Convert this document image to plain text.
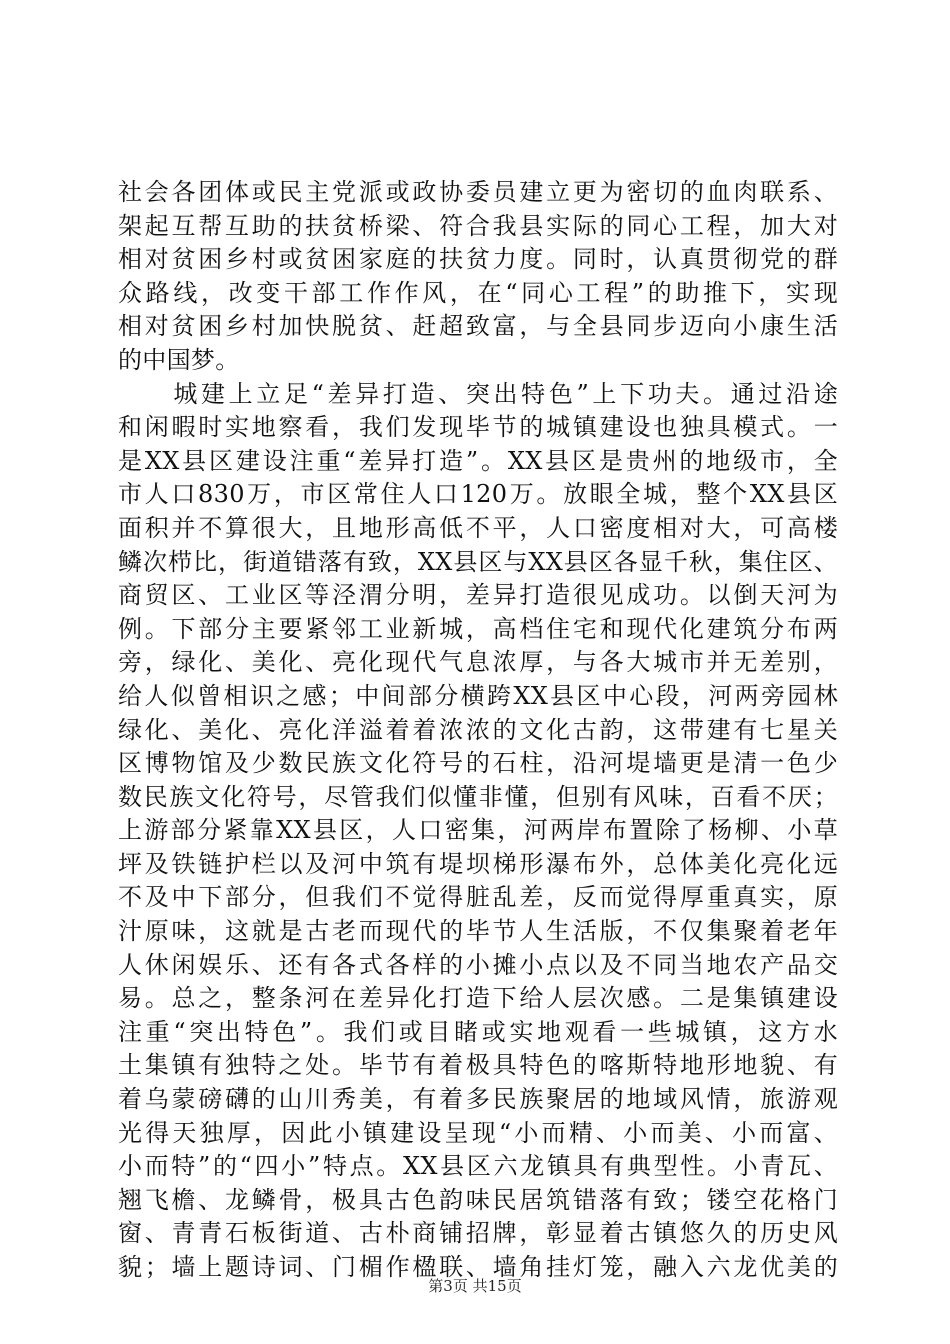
社会各团体或民主党派或政协委员建立更为密切的血肉联系、
架起互帮互助的扶贫桥梁、符合我县实际的同心工程，加大对
相对贫困乡村或贫困家庭的扶贫力度。同时，认真贯彻党的群
众路线，改变干部工作作风，在“同心工程”的助推下，实现
相对贫困乡村加快脱贫、赶超致富，与全县同步迈向小康生活
的中国梦。
　　城建上立足“差异打造、突出特色”上下功夫。通过沿途
和闲暇时实地察看，我们发现毕节的城镇建设也独具模式。一
是XX县区建设注重“差异打造”。XX县区是贵州的地级市，全
市人口830万，市区常住人口120万。放眼全城，整个XX县区
面积并不算很大，且地形高低不平，人口密度相对大，可高楼
鳞次栉比，街道错落有致，XX县区与XX县区各显千秋，集住区、
商贸区、工业区等泾渭分明，差异打造很见成功。以倒天河为
例。下部分主要紧邻工业新城，高档住宅和现代化建筑分布两
旁，绿化、美化、亮化现代气息浓厚，与各大城市并无差别，
给人似曾相识之感；中间部分横跨XX县区中心段，河两旁园林
绿化、美化、亮化洋溢着着浓浓的文化古韵，这带建有七星关
区博物馆及少数民族文化符号的石柱，沿河堤墙更是清一色少
数民族文化符号，尽管我们似懂非懂，但别有风味，百看不厌；
上游部分紧靠XX县区，人口密集，河两岸布置除了杨柳、小草
坪及铁链护栏以及河中筑有堤坝梯形瀑布外，总体美化亮化远
不及中下部分，但我们不觉得脏乱差，反而觉得厚重真实，原
汁原味，这就是古老而现代的毕节人生活版，不仅集聚着老年
人休闲娱乐、还有各式各样的小摊小点以及不同当地农产品交
易。总之，整条河在差异化打造下给人层次感。二是集镇建设
注重“突出特色”。我们或目睹或实地观看一些城镇，这方水
土集镇有独特之处。毕节有着极具特色的喀斯特地形地貌、有
着乌蒙磅礴的山川秀美，有着多民族聚居的地域风情，旅游观
光得天独厚，因此小镇建设呈现“小而精、小而美、小而富、
小而特”的“四小”特点。XX县区六龙镇具有典型性。小青瓦、
翘飞檐、龙鳞骨，极具古色韵味民居筑错落有致；镂空花格门
窗、青青石板街道、古朴商铺招牌，彰显着古镇悠久的历史风
貌；墙上题诗词、门楣作楹联、墙角挂灯笼，融入六龙优美的
第3页 共15页
